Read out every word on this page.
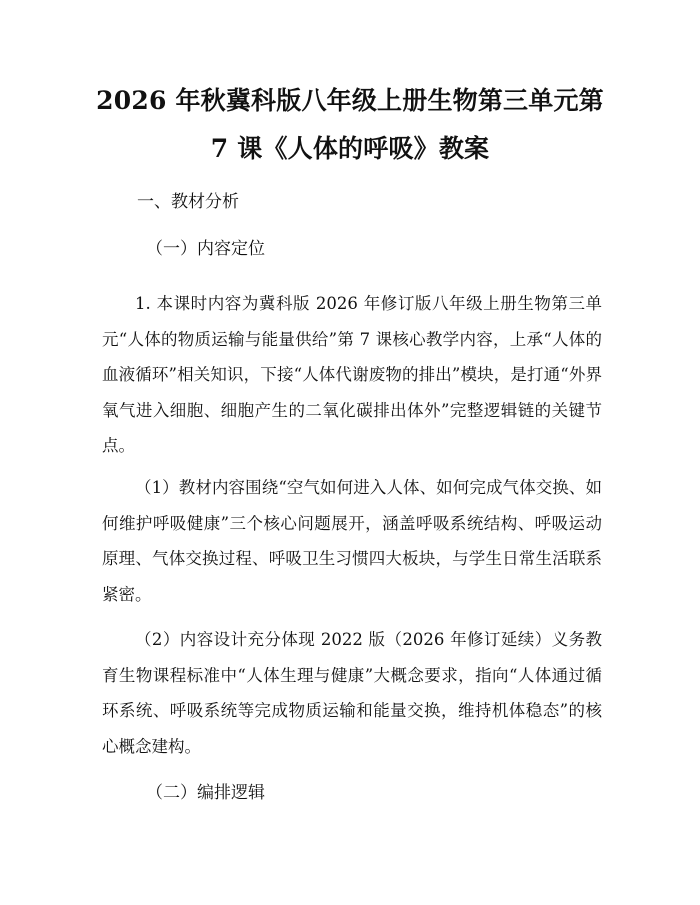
2026 年秋冀科版八年级上册生物第三单元第
7 课《人体的呼吸》教案
一、教材分析
（一）内容定位

1. 本课时内容为冀科版 2026 年修订版八年级上册生物第三单元“人体的物质运输与能量供给”第 7 课核心教学内容，上承“人体的血液循环”相关知识，下接“人体代谢废物的排出”模块，是打通“外界氧气进入细胞、细胞产生的二氧化碳排出体外”完整逻辑链的关键节点。

（1）教材内容围绕“空气如何进入人体、如何完成气体交换、如何维护呼吸健康”三个核心问题展开，涵盖呼吸系统结构、呼吸运动原理、气体交换过程、呼吸卫生习惯四大板块，与学生日常生活联系紧密。

（2）内容设计充分体现 2022 版（2026 年修订延续）义务教育生物课程标准中“人体生理与健康”大概念要求，指向“人体通过循环系统、呼吸系统等完成物质运输和能量交换，维持机体稳态”的核心概念建构。

（二）编排逻辑
